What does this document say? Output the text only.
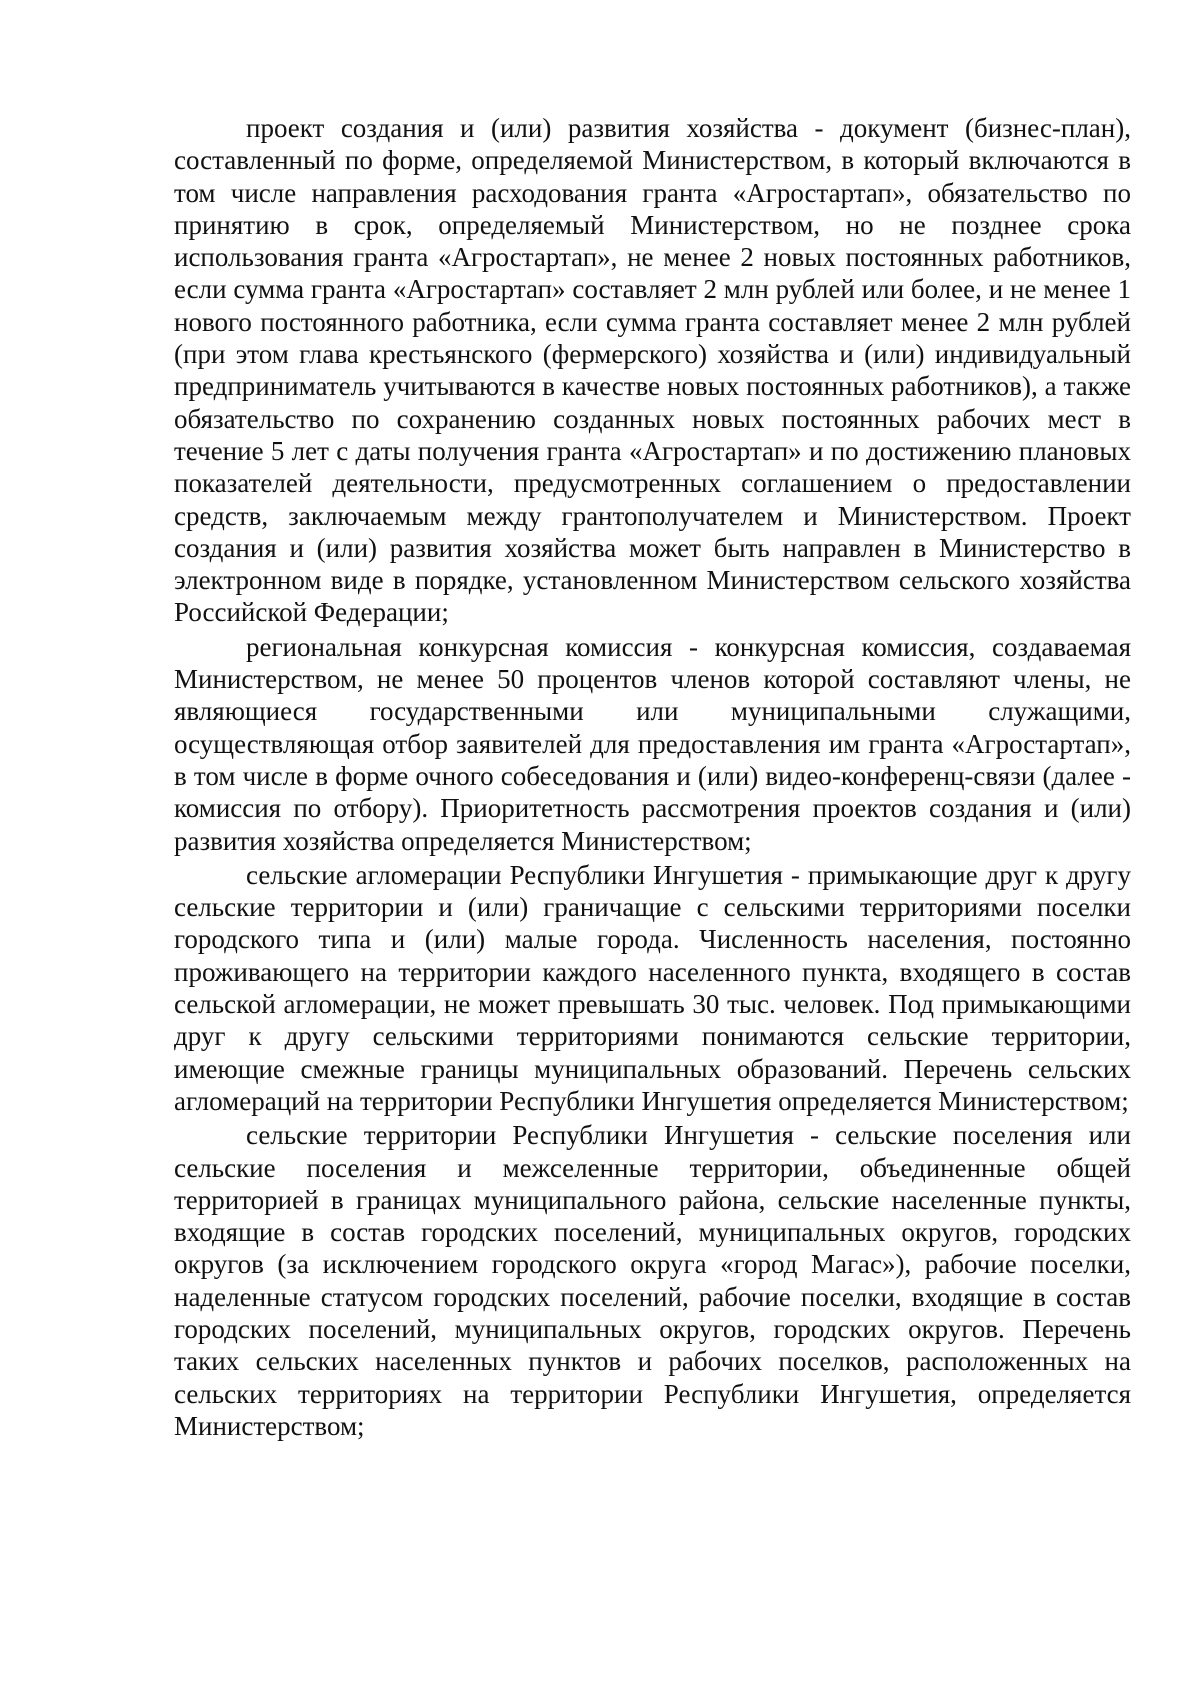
проект создания и (или) развития хозяйства - документ (бизнес-план), составленный по форме, определяемой Министерством, в который включаются в том числе направления расходования гранта «Агростартап», обязательство по принятию в срок, определяемый Министерством, но не позднее срока использования гранта «Агростартап», не менее 2 новых постоянных работников, если сумма гранта «Агростартап» составляет 2 млн рублей или более, и не менее 1 нового постоянного работника, если сумма гранта составляет менее 2 млн рублей (при этом глава крестьянского (фермерского) хозяйства и (или) индивидуальный предприниматель учитываются в качестве новых постоянных работников), а также обязательство по сохранению созданных новых постоянных рабочих мест в течение 5 лет с даты получения гранта «Агростартап» и по достижению плановых показателей деятельности, предусмотренных соглашением о предоставлении средств, заключаемым между грантополучателем и Министерством. Проект создания и (или) развития хозяйства может быть направлен в Министерство в электронном виде в порядке, установленном Министерством сельского хозяйства Российской Федерации;

региональная конкурсная комиссия - конкурсная комиссия, создаваемая Министерством, не менее 50 процентов членов которой составляют члены, не являющиеся государственными или муниципальными служащими, осуществляющая отбор заявителей для предоставления им гранта «Агростартап», в том числе в форме очного собеседования и (или) видео-конференц-связи (далее - комиссия по отбору). Приоритетность рассмотрения проектов создания и (или) развития хозяйства определяется Министерством;

сельские агломерации Республики Ингушетия - примыкающие друг к другу сельские территории и (или) граничащие с сельскими территориями поселки городского типа и (или) малые города. Численность населения, постоянно проживающего на территории каждого населенного пункта, входящего в состав сельской агломерации, не может превышать 30 тыс. человек. Под примыкающими друг к другу сельскими территориями понимаются сельские территории, имеющие смежные границы муниципальных образований. Перечень сельских агломераций на территории Республики Ингушетия определяется Министерством;

сельские территории Республики Ингушетия - сельские поселения или сельские поселения и межселенные территории, объединенные общей территорией в границах муниципального района, сельские населенные пункты, входящие в состав городских поселений, муниципальных округов, городских округов (за исключением городского округа «город Магас»), рабочие поселки, наделенные статусом городских поселений, рабочие поселки, входящие в состав городских поселений, муниципальных округов, городских округов. Перечень таких сельских населенных пунктов и рабочих поселков, расположенных на сельских территориях на территории Республики Ингушетия, определяется Министерством;
